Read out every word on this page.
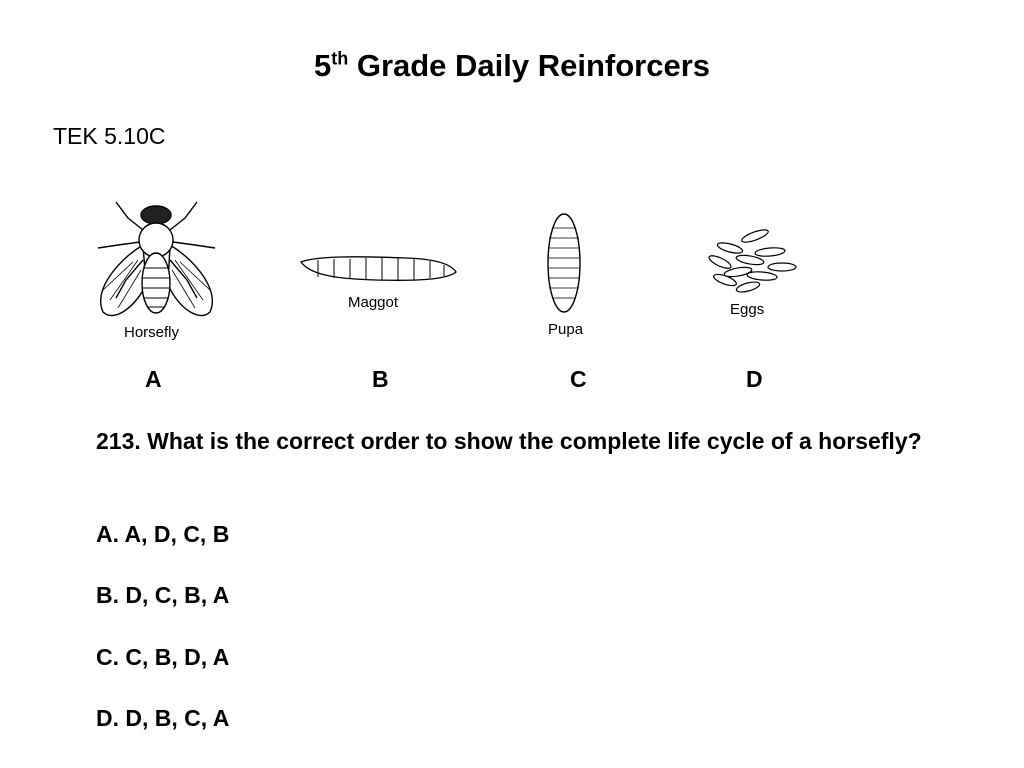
5th Grade Daily Reinforcers
TEK 5.10C
Horsefly
Maggot
Pupa
Eggs
A	B	C	D
213. What is the correct order to show the complete life cycle of a horsefly?
A. A, D, C, B
B. D, C, B, A
C. C, B, D, A
D. D, B, C, A
